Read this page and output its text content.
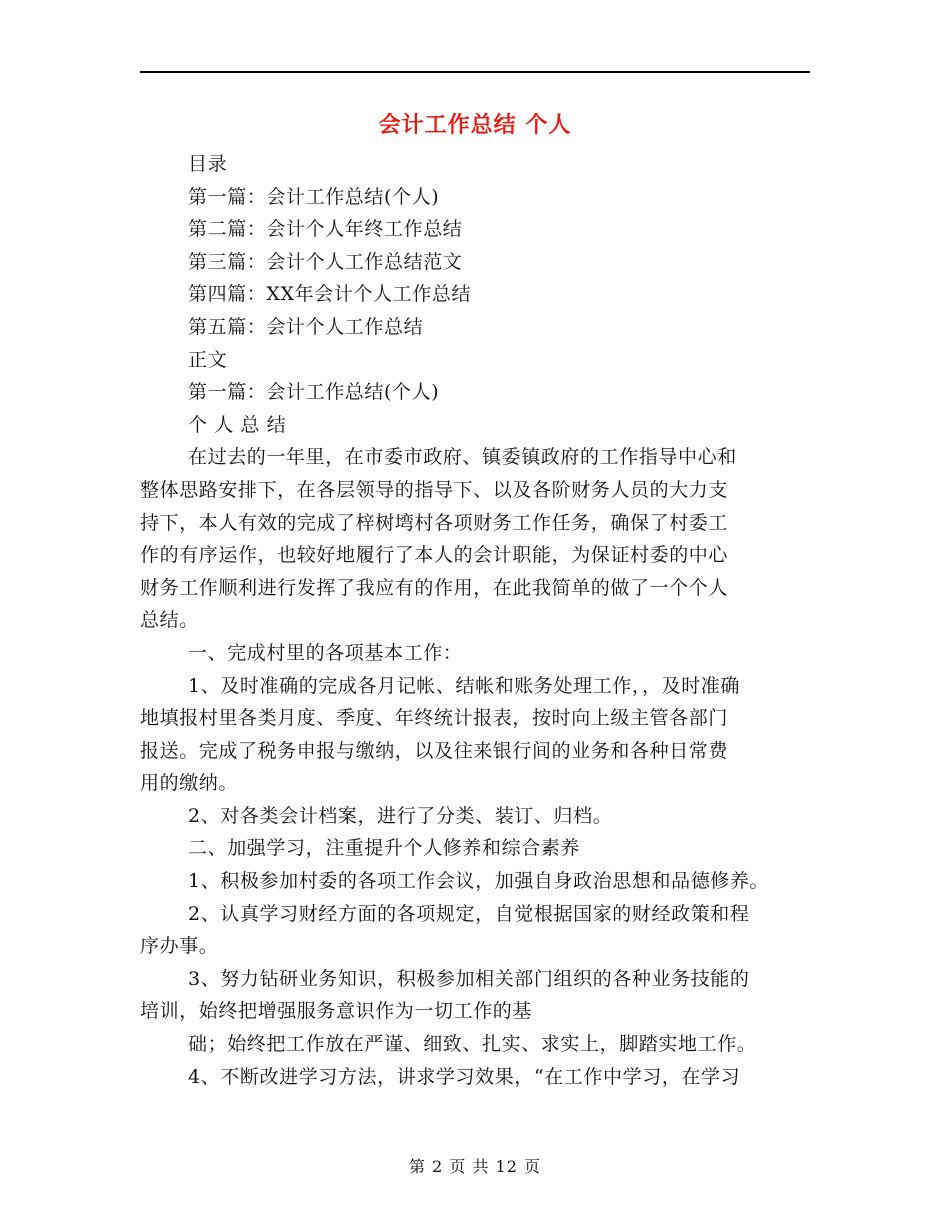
会计工作总结 个人
目录
第一篇：会计工作总结(个人)
第二篇：会计个人年终工作总结
第三篇：会计个人工作总结范文
第四篇：XX年会计个人工作总结
第五篇：会计个人工作总结
正文
第一篇：会计工作总结(个人)
个 人 总 结
在过去的一年里，在市委市政府、镇委镇政府的工作指导中心和
整体思路安排下，在各层领导的指导下、以及各阶财务人员的大力支
持下，本人有效的完成了梓树塆村各项财务工作任务，确保了村委工
作的有序运作，也较好地履行了本人的会计职能，为保证村委的中心
财务工作顺利进行发挥了我应有的作用，在此我简单的做了一个个人
总结。
一、完成村里的各项基本工作：
1、及时准确的完成各月记帐、结帐和账务处理工作，，及时准确
地填报村里各类月度、季度、年终统计报表，按时向上级主管各部门
报送。完成了税务申报与缴纳，以及往来银行间的业务和各种日常费
用的缴纳。
2、对各类会计档案，进行了分类、装订、归档。
二、加强学习，注重提升个人修养和综合素养
1、积极参加村委的各项工作会议，加强自身政治思想和品德修养。
2、认真学习财经方面的各项规定，自觉根据国家的财经政策和程
序办事。
3、努力钻研业务知识，积极参加相关部门组织的各种业务技能的
培训，始终把增强服务意识作为一切工作的基
础；始终把工作放在严谨、细致、扎实、求实上，脚踏实地工作。
4、不断改进学习方法，讲求学习效果，“在工作中学习，在学习
第 2 页 共 12 页
